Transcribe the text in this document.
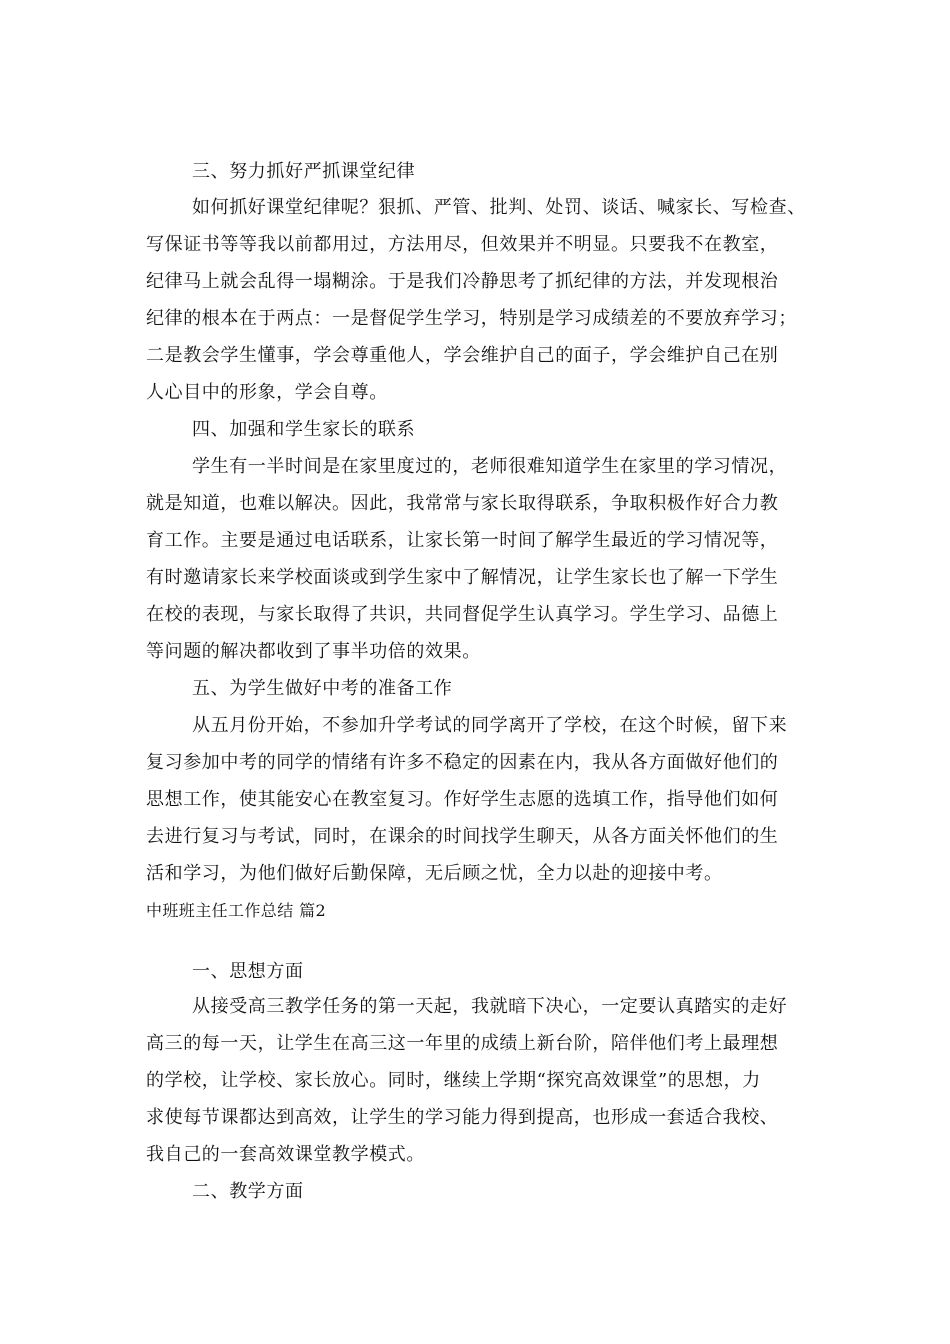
三、努力抓好严抓课堂纪律
如何抓好课堂纪律呢？狠抓、严管、批判、处罚、谈话、喊家长、写检查、
写保证书等等我以前都用过，方法用尽，但效果并不明显。只要我不在教室，
纪律马上就会乱得一塌糊涂。于是我们冷静思考了抓纪律的方法，并发现根治
纪律的根本在于两点：一是督促学生学习，特别是学习成绩差的不要放弃学习；
二是教会学生懂事，学会尊重他人，学会维护自己的面子，学会维护自己在别
人心目中的形象，学会自尊。
四、加强和学生家长的联系
学生有一半时间是在家里度过的，老师很难知道学生在家里的学习情况，
就是知道，也难以解决。因此，我常常与家长取得联系，争取积极作好合力教
育工作。主要是通过电话联系，让家长第一时间了解学生最近的学习情况等，
有时邀请家长来学校面谈或到学生家中了解情况，让学生家长也了解一下学生
在校的表现，与家长取得了共识，共同督促学生认真学习。学生学习、品德上
等问题的解决都收到了事半功倍的效果。
五、为学生做好中考的准备工作
从五月份开始，不参加升学考试的同学离开了学校，在这个时候，留下来
复习参加中考的同学的情绪有许多不稳定的因素在内，我从各方面做好他们的
思想工作，使其能安心在教室复习。作好学生志愿的选填工作，指导他们如何
去进行复习与考试，同时，在课余的时间找学生聊天，从各方面关怀他们的生
活和学习，为他们做好后勤保障，无后顾之忧，全力以赴的迎接中考。
中班班主任工作总结 篇2
一、思想方面
从接受高三教学任务的第一天起，我就暗下决心，一定要认真踏实的走好
高三的每一天，让学生在高三这一年里的成绩上新台阶，陪伴他们考上最理想
的学校，让学校、家长放心。同时，继续上学期“探究高效课堂”的思想，力
求使每节课都达到高效，让学生的学习能力得到提高，也形成一套适合我校、
我自己的一套高效课堂教学模式。
二、教学方面
